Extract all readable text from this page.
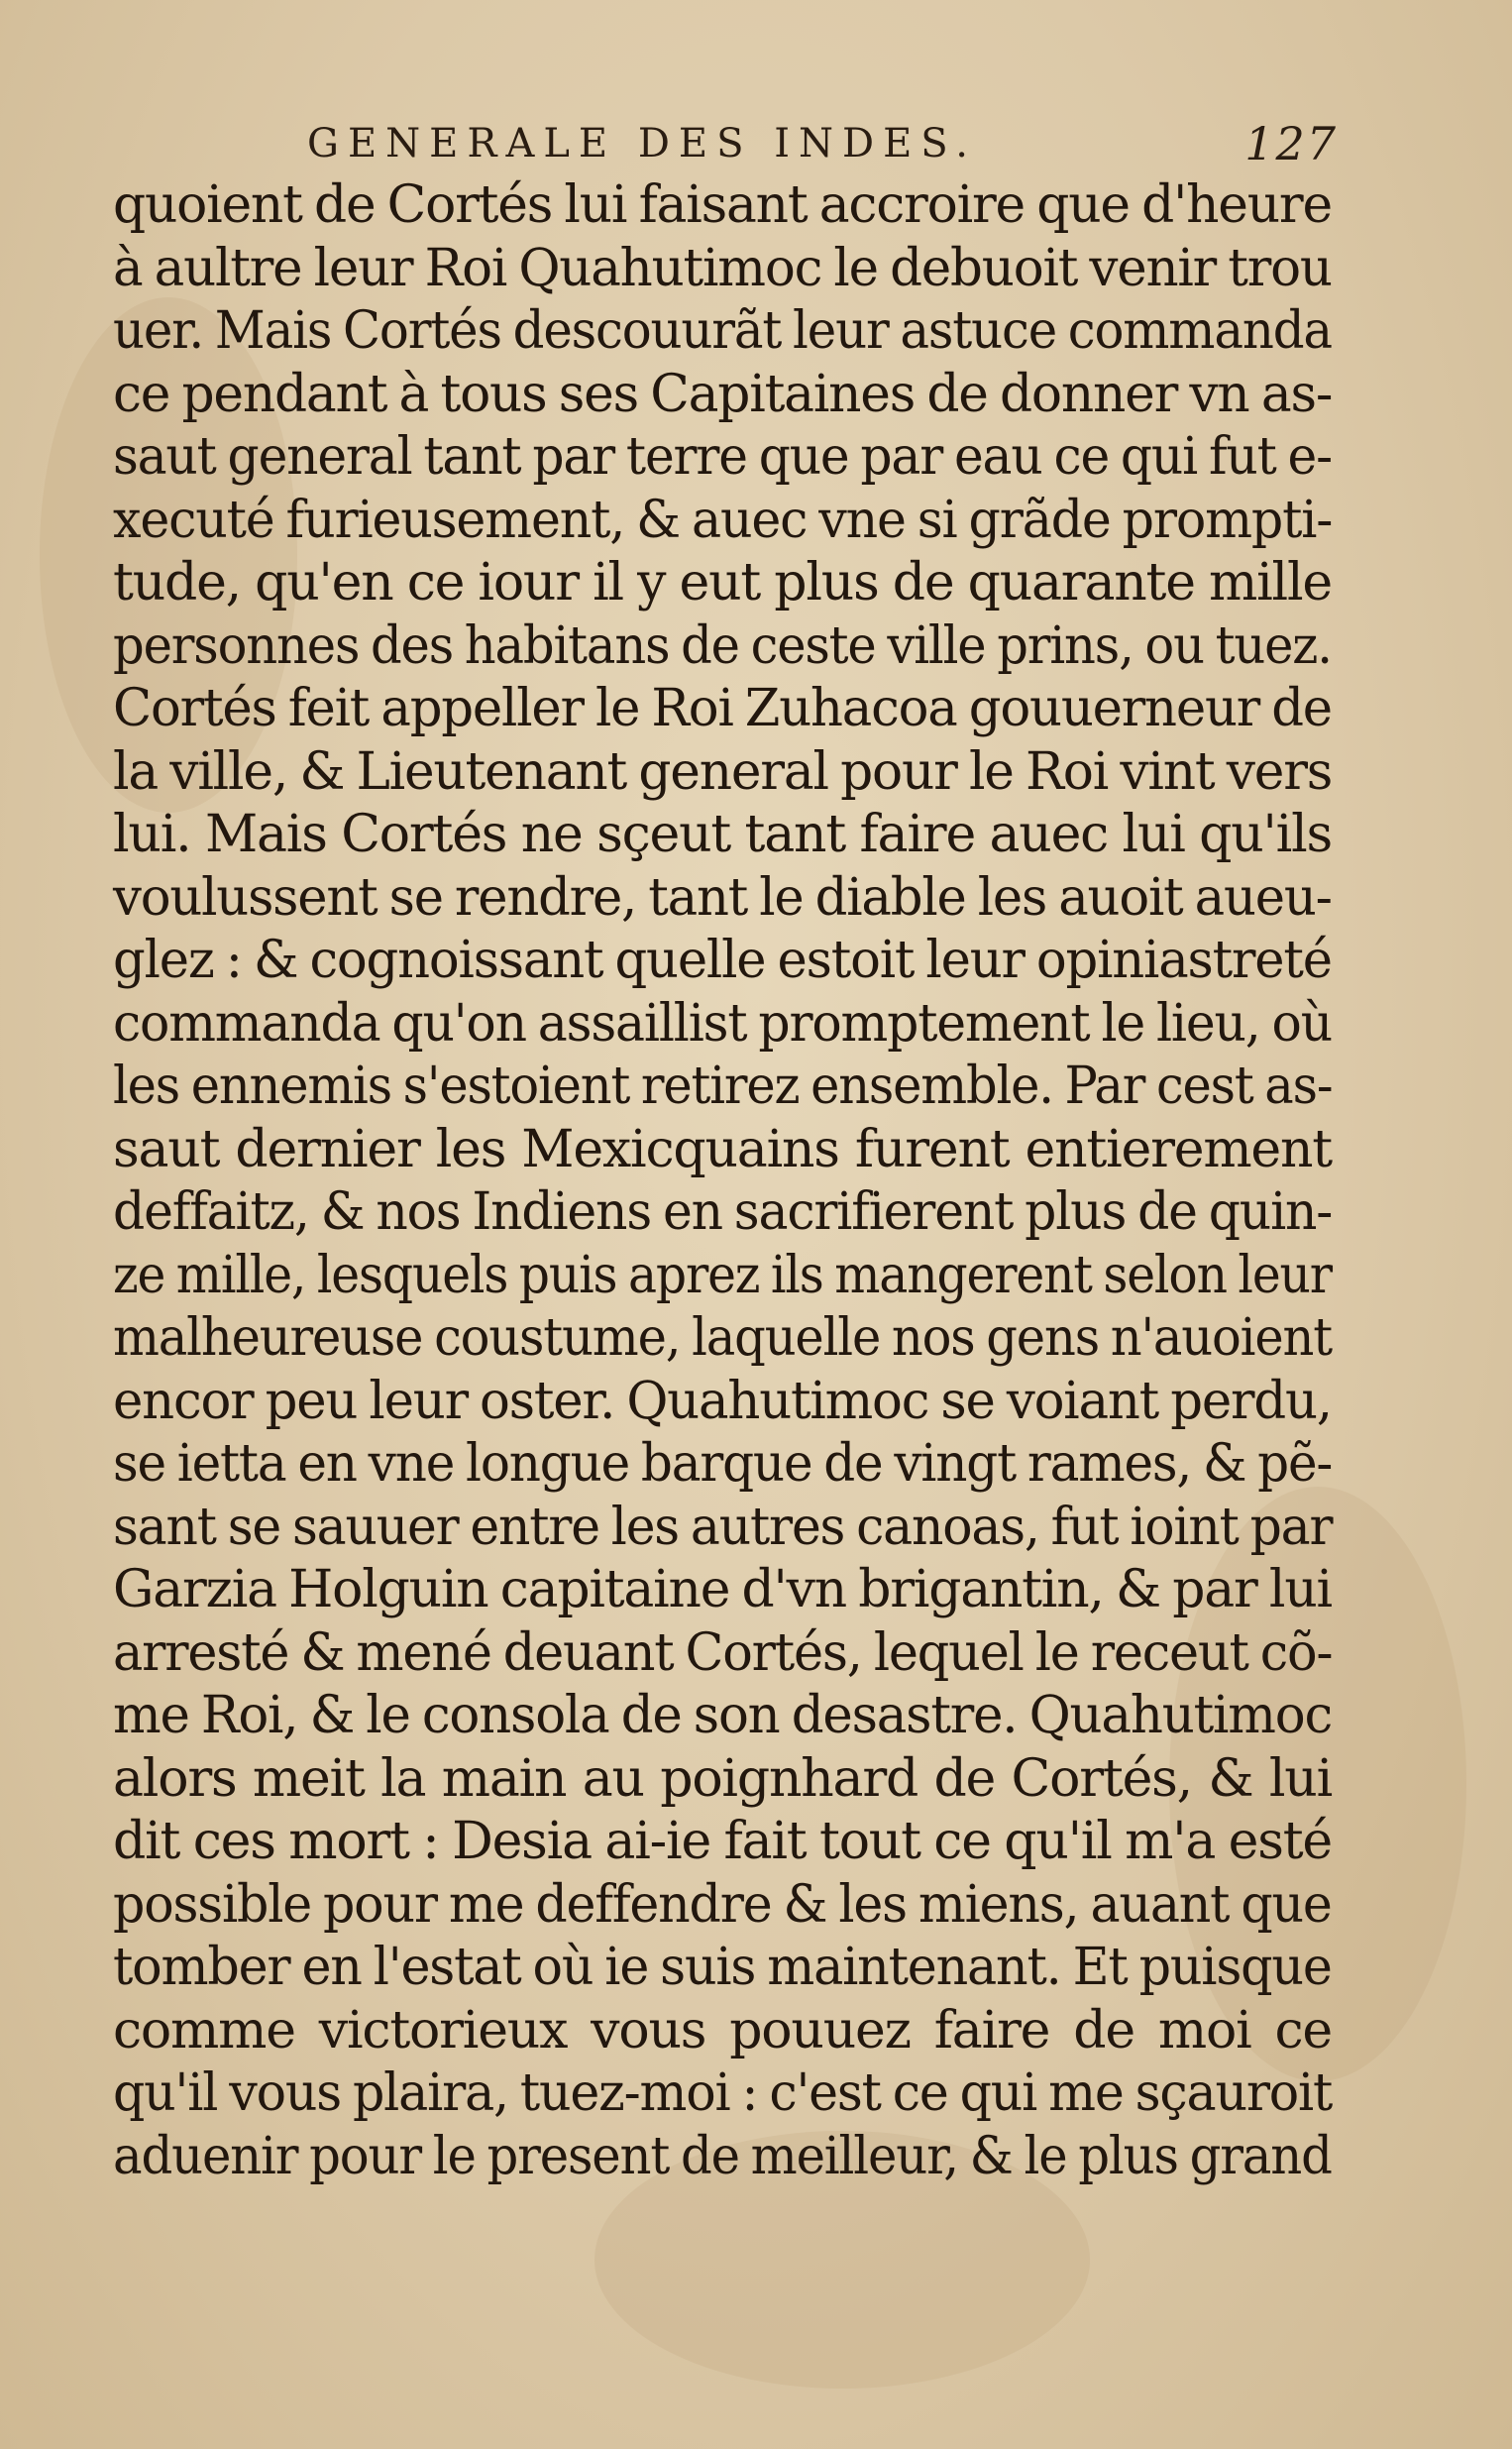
GENERALE DES INDES.	127
quoient de Cortés lui faisant accroire que d'heure
à aultre leur Roi Quahutimoc le debuoit venir trou
uer. Mais Cortés descouurãt leur astuce commanda
ce pendant à tous ses Capitaines de donner vn as-
saut general tant par terre que par eau ce qui fut e-
xecuté furieusement, & auec vne si grãde prompti-
tude, qu'en ce iour il y eut plus de quarante mille
personnes des habitans de ceste ville prins, ou tuez.
Cortés feit appeller le Roi Zuhacoa gouuerneur de
la ville, & Lieutenant general pour le Roi vint vers
lui. Mais Cortés ne sçeut tant faire auec lui qu'ils
voulussent se rendre, tant le diable les auoit aueu-
glez : & cognoissant quelle estoit leur opiniastreté
commanda qu'on assaillist promptement le lieu, où
les ennemis s'estoient retirez ensemble. Par cest as-
saut dernier les Mexicquains furent entierement
deffaitz, & nos Indiens en sacrifierent plus de quin-
ze mille, lesquels puis aprez ils mangerent selon leur
malheureuse coustume, laquelle nos gens n'auoient
encor peu leur oster. Quahutimoc se voiant perdu,
se ietta en vne longue barque de vingt rames, & pẽ-
sant se sauuer entre les autres canoas, fut ioint par
Garzia Holguin capitaine d'vn brigantin, & par lui
arresté & mené deuant Cortés, lequel le receut cõ-
me Roi, & le consola de son desastre. Quahutimoc
alors meit la main au poignhard de Cortés, & lui
dit ces mort : Desia ai-ie fait tout ce qu'il m'a esté
possible pour me deffendre & les miens, auant que
tomber en l'estat où ie suis maintenant. Et puisque
comme victorieux vous pouuez faire de moi ce
qu'il vous plaira, tuez-moi : c'est ce qui me sçauroit
aduenir pour le present de meilleur, & le plus grand
